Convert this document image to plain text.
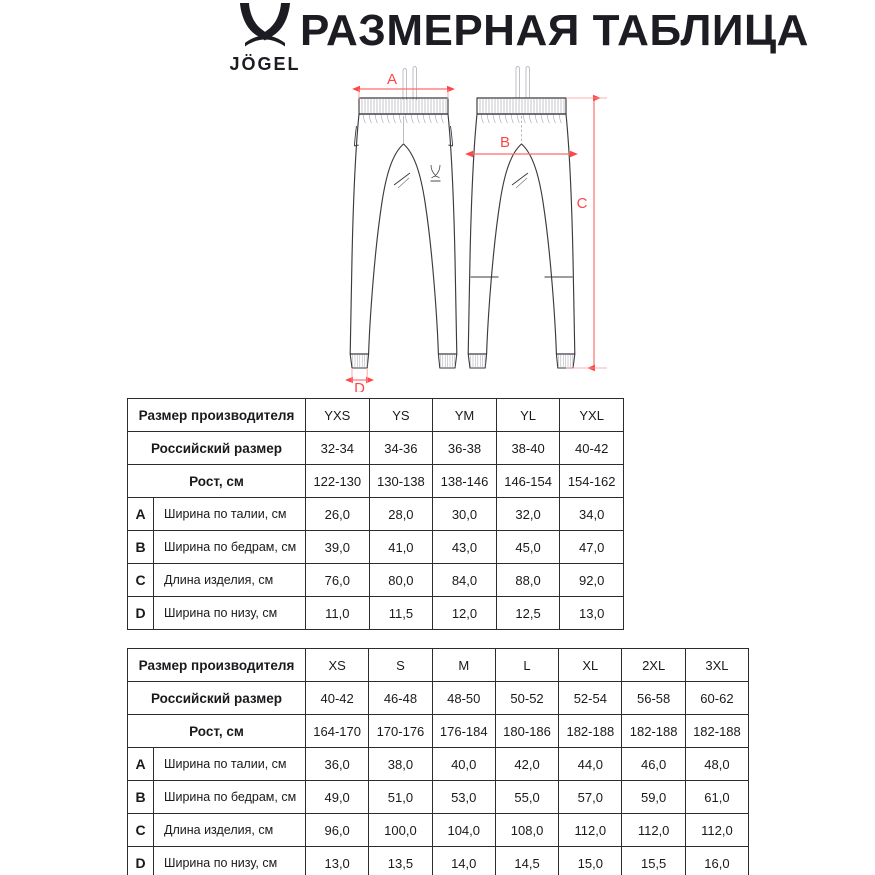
JÖGEL
РАЗМЕРНАЯ ТАБЛИЦА
A
B
C
D
Размер производителя		YXS	YS	YM	YL	YXL
Российский размер		32-34	34-36	36-38	38-40	40-42
Рост, см		122-130	130-138	138-146	146-154	154-162
A	Ширина по талии, см	26,0	28,0	30,0	32,0	34,0
B	Ширина по бедрам, см	39,0	41,0	43,0	45,0	47,0
C	Длина изделия, см	76,0	80,0	84,0	88,0	92,0
D	Ширина по низу, см	11,0	11,5	12,0	12,5	13,0
Размер производителя		XS	S	M	L	XL	2XL	3XL
Российский размер		40-42	46-48	48-50	50-52	52-54	56-58	60-62
Рост, см		164-170	170-176	176-184	180-186	182-188	182-188	182-188
A	Ширина по талии, см	36,0	38,0	40,0	42,0	44,0	46,0	48,0
B	Ширина по бедрам, см	49,0	51,0	53,0	55,0	57,0	59,0	61,0
C	Длина изделия, см	96,0	100,0	104,0	108,0	112,0	112,0	112,0
D	Ширина по низу, см	13,0	13,5	14,0	14,5	15,0	15,5	16,0
